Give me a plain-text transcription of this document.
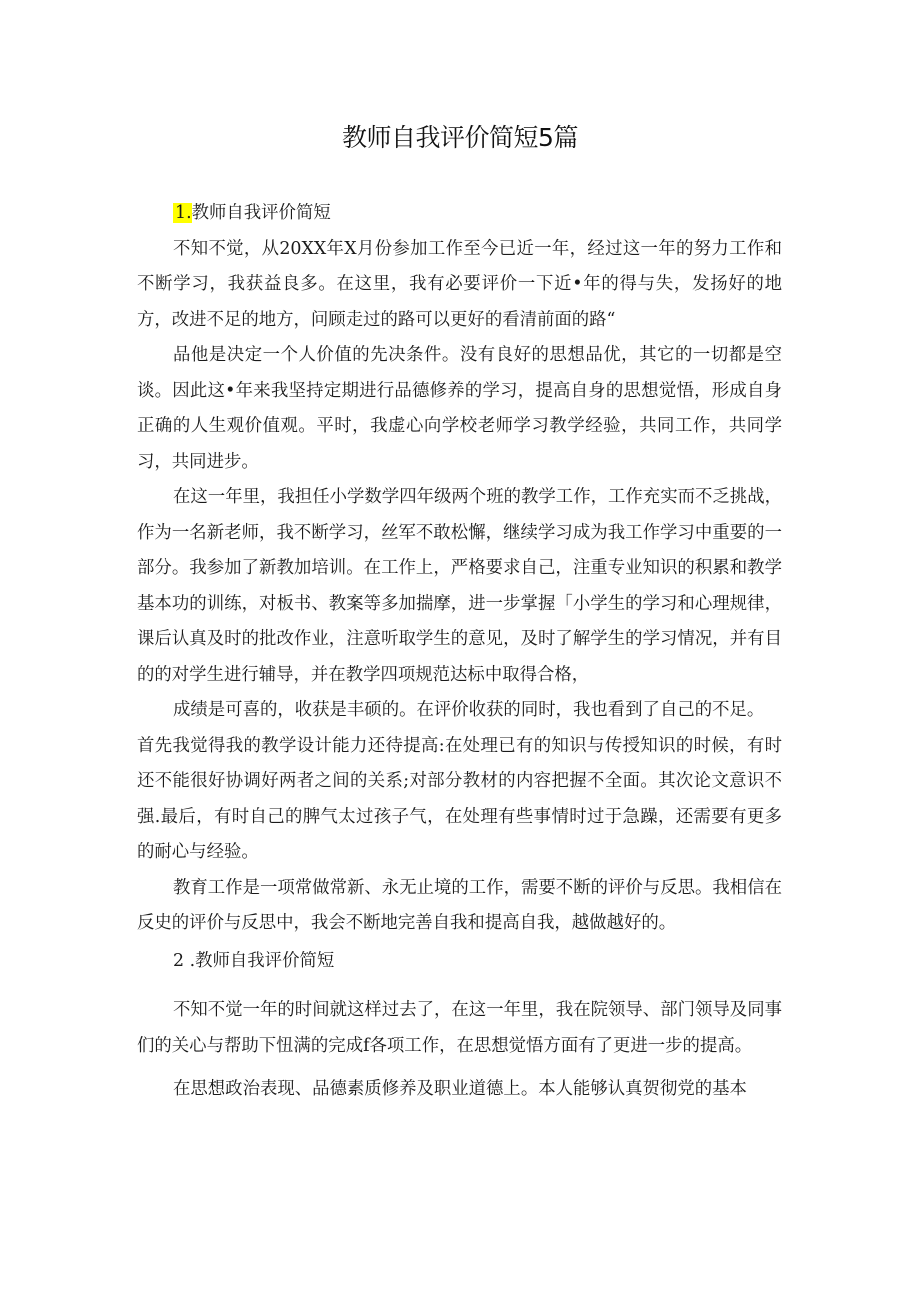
教师自我评价简短5篇

1.教师自我评价简短

不知不觉，从20XX年X月份参加工作至今已近一年，经过这一年的努力工作和不断学习，我获益良多。在这里，我有必要评价一下近•年的得与失，发扬好的地方，改进不足的地方，问顾走过的路可以更好的看清前面的路“

品他是决定一个人价值的先决条件。没有良好的思想品优，其它的一切都是空谈。因此这•年来我坚持定期进行品德修养的学习，提高自身的思想觉悟，形成自身正确的人生观价值观。平时，我虚心向学校老师学习教学经验，共同工作，共同学习，共同进步。

在这一年里，我担任小学数学四年级两个班的教学工作，工作充实而不乏挑战，作为一名新老师，我不断学习，丝军不敢松懈，继续学习成为我工作学习中重要的一部分。我参加了新教加培训。在工作上，严格要求自己，注重专业知识的积累和教学基本功的训练，对板书、教案等多加揣摩，进一步掌握「小学生的学习和心理规律，课后认真及时的批改作业，注意听取学生的意见，及时了解学生的学习情况，并有目的的对学生进行辅导，并在教学四项规范达标中取得合格，

成绩是可喜的，收获是丰硕的。在评价收获的同时，我也看到了自己的不足。

首先我觉得我的教学设计能力还待提高:在处理已有的知识与传授知识的时候，有时还不能很好协调好两者之间的关系;对部分教材的内容把握不全面。其次论文意识不强.最后，有时自己的脾气太过孩子气，在处理有些事情时过于急躁，还需要有更多的耐心与经验。

教育工作是一项常做常新、永无止境的工作，需要不断的评价与反思。我相信在反史的评价与反思中，我会不断地完善自我和提高自我，越做越好的。

2 .教师自我评价简短

不知不觉一年的时间就这样过去了，在这一年里，我在院领导、部门领导及同事们的关心与帮助下忸满的完成f各项工作，在思想觉悟方面有了更进一步的提高。

在思想政治表现、品德素质修养及职业道德上。本人能够认真贺彻党的基本
